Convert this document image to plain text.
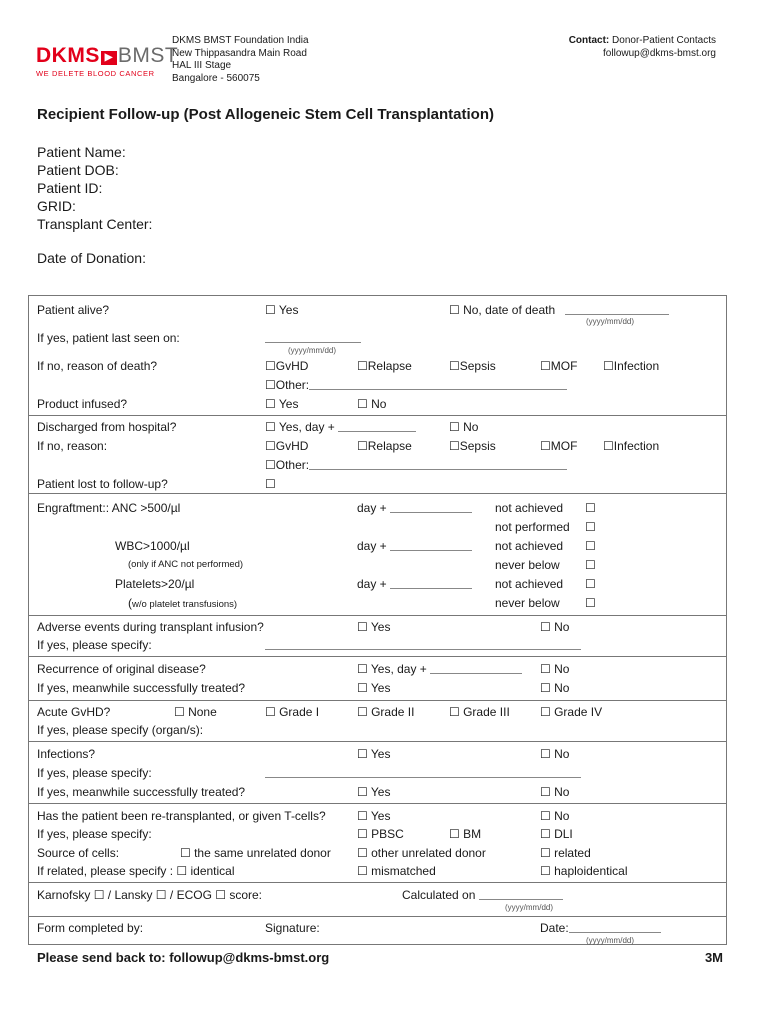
DKMS ▶ BMST
WE DELETE BLOOD CANCER
DKMS BMST Foundation India
New Thippasandra Main Road
HAL III Stage
Bangalore - 560075
Contact: Donor-Patient Contacts
followup@dkms-bmst.org
Recipient Follow-up (Post Allogeneic Stem Cell Transplantation)
Patient Name:
Patient DOB:
Patient ID:
GRID:
Transplant Center:
Date of Donation:
Patient alive?	☐ Yes	☐ No, date of death
(yyyy/mm/dd)
If yes, patient last seen on:
(yyyy/mm/dd)
If no, reason of death?	☐GvHD	☐Relapse	☐Sepsis	☐MOF ☐Infection
☐Other:
Product infused?	☐ Yes	☐ No
Discharged from hospital?	☐ Yes, day +	☐ No
If no, reason:	☐GvHD	☐Relapse	☐Sepsis	☐MOF ☐Infection
☐Other:
Patient lost to follow-up?	☐
Engraftment:: ANC >500/µl	day +	not achieved ☐
not performed ☐
WBC>1000/µl	day +	not achieved ☐
(only if ANC not performed)	never below ☐
Platelets>20/µl	day +	not achieved ☐
(w/o platelet transfusions)	never below ☐
Adverse events during transplant infusion?	☐ Yes	☐ No
If yes, please specify:
Recurrence of original disease?	☐ Yes, day +	☐ No
If yes, meanwhile successfully treated?	☐ Yes	☐ No
Acute GvHD?	☐ None	☐ Grade I	☐ Grade II	☐ Grade III	☐ Grade IV
If yes, please specify (organ/s):
Infections?	☐ Yes	☐ No
If yes, please specify:
If yes, meanwhile successfully treated?	☐ Yes	☐ No
Has the patient been re-transplanted, or given T-cells?	☐ Yes	☐ No
If yes, please specify:	☐ PBSC	☐ BM	☐ DLI
Source of cells:	☐ the same unrelated donor ☐ other unrelated donor	☐ related
If related, please specify : ☐ identical	☐ mismatched	☐ haploidentical
Karnofsky ☐ / Lansky ☐ / ECOG ☐ score:	Calculated on
(yyyy/mm/dd)
Form completed by:	Signature:	Date:
(yyyy/mm/dd)
Please send back to: followup@dkms-bmst.org	3M
